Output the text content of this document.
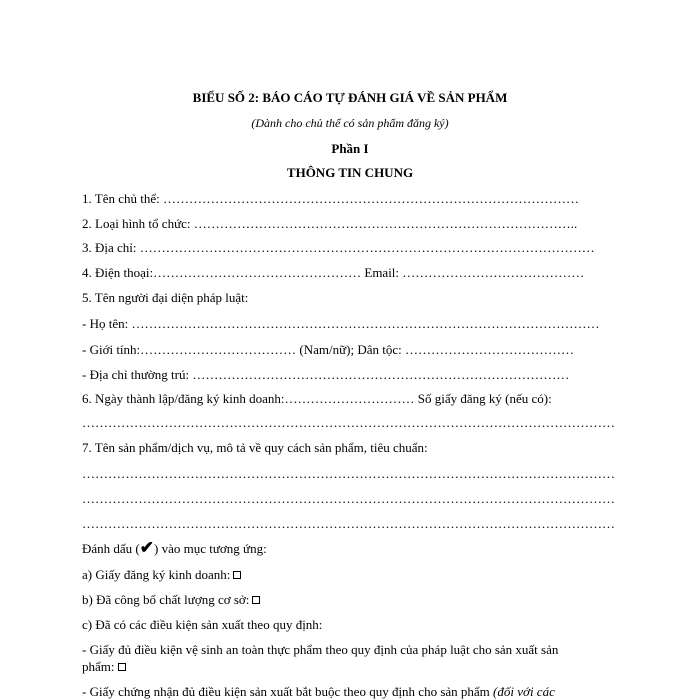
BIỂU SỐ 2: BÁO CÁO TỰ ĐÁNH GIÁ VỀ SẢN PHẨM
(Dành cho chủ thể có sản phẩm đăng ký)
Phần I
THÔNG TIN CHUNG
1. Tên chủ thể: ……………………………………………………………………………………
2. Loại hình tổ chức: ……………………………………………………………………………..
3. Địa chỉ: ……………………………………………………………………………………………
4. Điện thoại:………………………………………… Email: ……………………………………
5. Tên người đại diện pháp luật:
- Họ tên: ………………………………………………………………………………………………
- Giới tính:……………………………… (Nam/nữ); Dân tộc: …………………………………
- Địa chỉ thường trú: ……………………………………………………………………………
6. Ngày thành lập/đăng ký kinh doanh:………………………… Số giấy đăng ký (nếu có):
……………………………………………………………………………………………………………
7. Tên sản phẩm/dịch vụ, mô tả về quy cách sản phẩm, tiêu chuẩn:
……………………………………………………………………………………………………………
……………………………………………………………………………………………………………
……………………………………………………………………………………………………………
Đánh dấu (✔) vào mục tương ứng:
a) Giấy đăng ký kinh doanh:
b) Đã công bố chất lượng cơ sở:
c) Đã có các điều kiện sản xuất theo quy định:
- Giấy đủ điều kiện vệ sinh an toàn thực phẩm theo quy định của pháp luật cho sản xuất sản
phẩm:
- Giấy chứng nhận đủ điều kiện sản xuất bắt buộc theo quy định cho sản phẩm (đối với các
